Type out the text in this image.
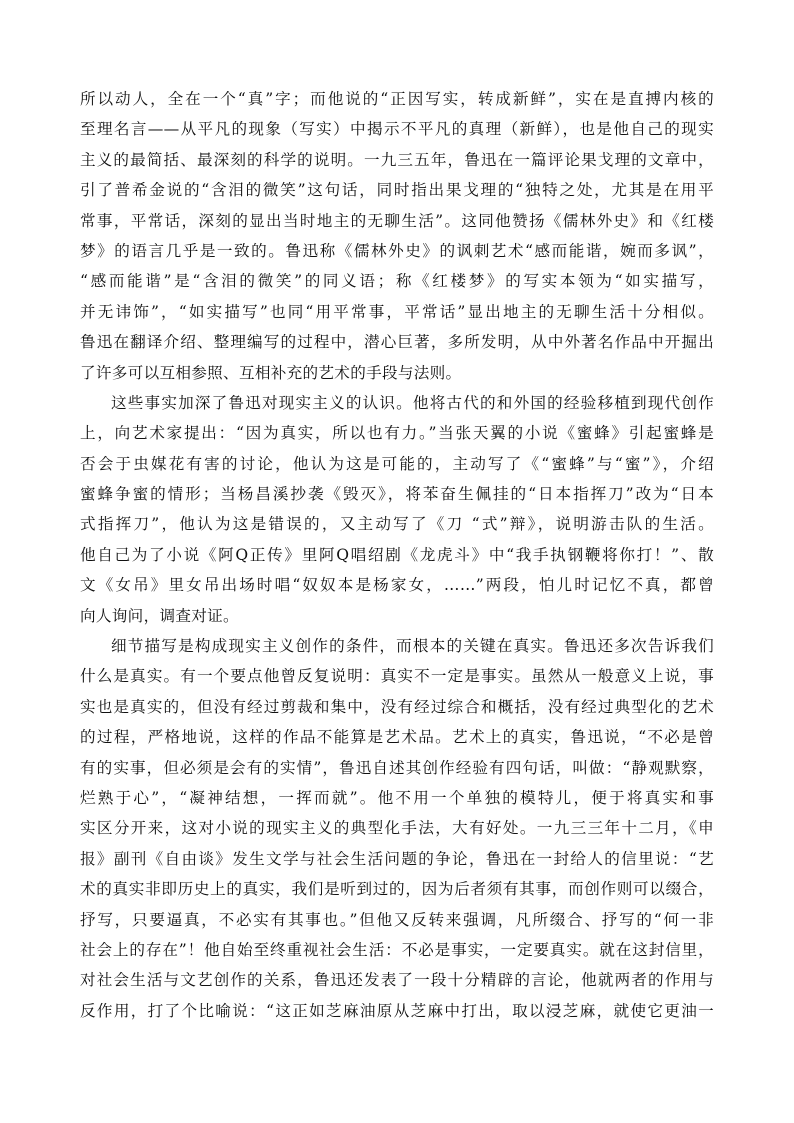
所以动人，全在一个“真”字；而他说的“正因写实，转成新鲜”，实在是直搏内核的
至理名言——从平凡的现象（写实）中揭示不平凡的真理（新鲜），也是他自己的现实
主义的最简括、最深刻的科学的说明。一九三五年，鲁迅在一篇评论果戈理的文章中，
引了普希金说的“含泪的微笑”这句话，同时指出果戈理的“独特之处，尤其是在用平
常事，平常话，深刻的显出当时地主的无聊生活”。这同他赞扬《儒林外史》和《红楼
梦》的语言几乎是一致的。鲁迅称《儒林外史》的讽刺艺术“感而能谐，婉而多讽”，
“感而能谐”是“含泪的微笑”的同义语；称《红楼梦》的写实本领为“如实描写，
并无讳饰”，“如实描写”也同“用平常事，平常话”显出地主的无聊生活十分相似。
鲁迅在翻译介绍、整理编写的过程中，潜心巨著，多所发明，从中外著名作品中开掘出
了许多可以互相参照、互相补充的艺术的手段与法则。
这些事实加深了鲁迅对现实主义的认识。他将古代的和外国的经验移植到现代创作
上，向艺术家提出：“因为真实，所以也有力。”当张天翼的小说《蜜蜂》引起蜜蜂是
否会于虫媒花有害的讨论，他认为这是可能的，主动写了《“蜜蜂”与“蜜”》，介绍
蜜蜂争蜜的情形；当杨昌溪抄袭《毁灭》，将苯奋生佩挂的“日本指挥刀”改为“日本
式指挥刀”，他认为这是错误的，又主动写了《刀 “式”辩》，说明游击队的生活。
他自己为了小说《阿Q正传》里阿Q唱绍剧《龙虎斗》中“我手执钢鞭将你打！”、散
文《女吊》里女吊出场时唱“奴奴本是杨家女，……”两段，怕儿时记忆不真，都曾
向人询问，调查对证。
细节描写是构成现实主义创作的条件，而根本的关键在真实。鲁迅还多次告诉我们
什么是真实。有一个要点他曾反复说明：真实不一定是事实。虽然从一般意义上说，事
实也是真实的，但没有经过剪裁和集中，没有经过综合和概括，没有经过典型化的艺术
的过程，严格地说，这样的作品不能算是艺术品。艺术上的真实，鲁迅说，“不必是曾
有的实事，但必须是会有的实情”，鲁迅自述其创作经验有四句话，叫做：“静观默察，
烂熟于心”，“凝神结想，一挥而就”。他不用一个单独的模特儿，便于将真实和事
实区分开来，这对小说的现实主义的典型化手法，大有好处。一九三三年十二月，《申
报》副刊《自由谈》发生文学与社会生活问题的争论，鲁迅在一封给人的信里说：“艺
术的真实非即历史上的真实，我们是听到过的，因为后者须有其事，而创作则可以缀合，
抒写，只要逼真，不必实有其事也。”但他又反转来强调，凡所缀合、抒写的“何一非
社会上的存在”！他自始至终重视社会生活：不必是事实，一定要真实。就在这封信里，
对社会生活与文艺创作的关系，鲁迅还发表了一段十分精辟的言论，他就两者的作用与
反作用，打了个比喻说：“这正如芝麻油原从芝麻中打出，取以浸芝麻，就使它更油一
